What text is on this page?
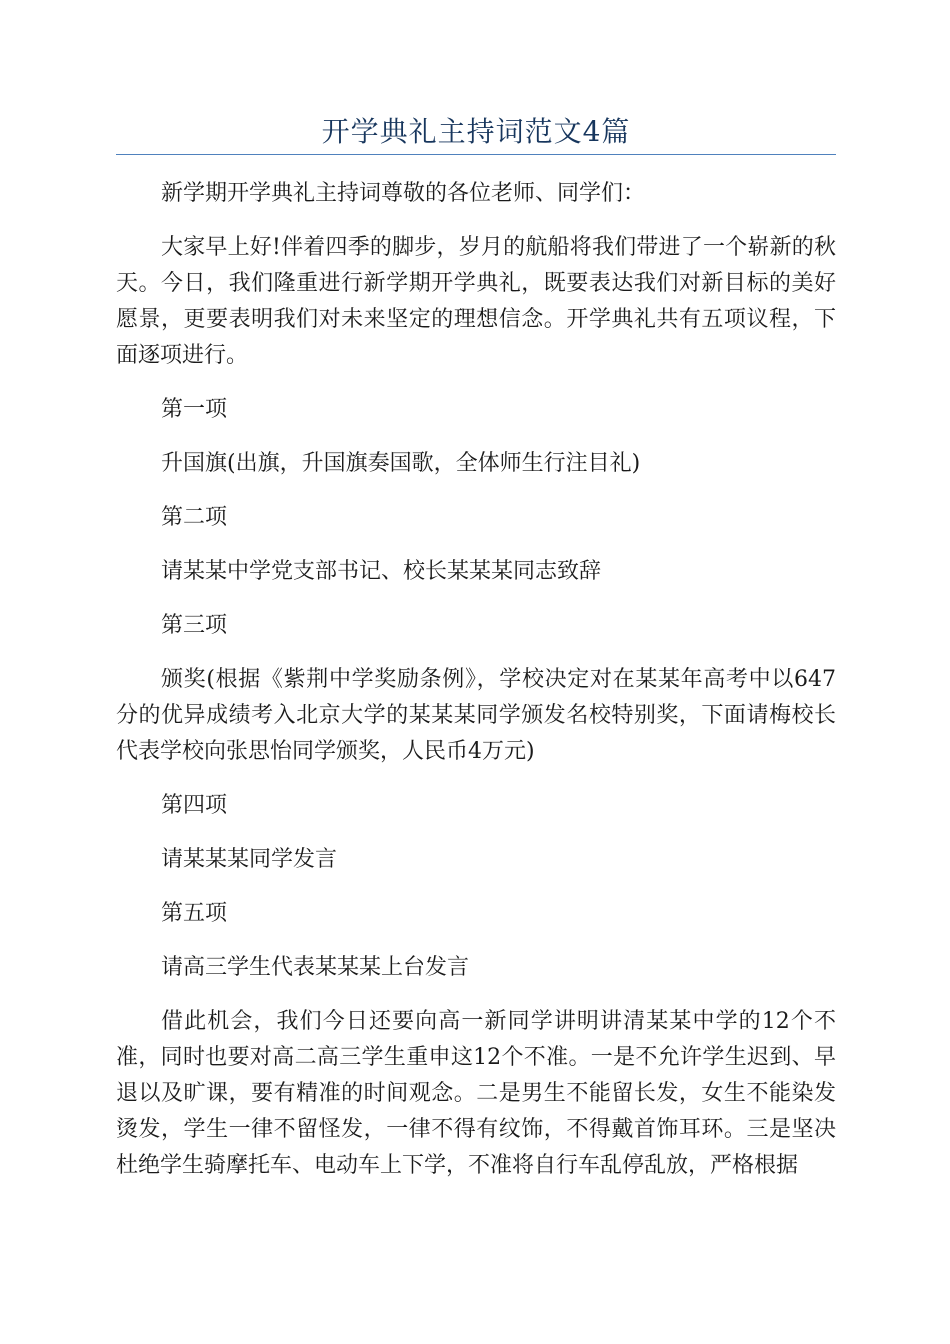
开学典礼主持词范文4篇

新学期开学典礼主持词尊敬的各位老师、同学们：

大家早上好!伴着四季的脚步，岁月的航船将我们带进了一个崭新的秋天。今日，我们隆重进行新学期开学典礼，既要表达我们对新目标的美好愿景，更要表明我们对未来坚定的理想信念。开学典礼共有五项议程，下面逐项进行。

第一项

升国旗(出旗，升国旗奏国歌，全体师生行注目礼)

第二项

请某某中学党支部书记、校长某某某同志致辞

第三项

颁奖(根据《紫荆中学奖励条例》，学校决定对在某某年高考中以647分的优异成绩考入北京大学的某某某同学颁发名校特别奖，下面请梅校长代表学校向张思怡同学颁奖，人民币4万元)

第四项

请某某某同学发言

第五项

请高三学生代表某某某上台发言

借此机会，我们今日还要向高一新同学讲明讲清某某中学的12个不准，同时也要对高二高三学生重申这12个不准。一是不允许学生迟到、早退以及旷课，要有精准的时间观念。二是男生不能留长发，女生不能染发烫发，学生一律不留怪发，一律不得有纹饰，不得戴首饰耳环。三是坚决杜绝学生骑摩托车、电动车上下学，不准将自行车乱停乱放，严格根据
